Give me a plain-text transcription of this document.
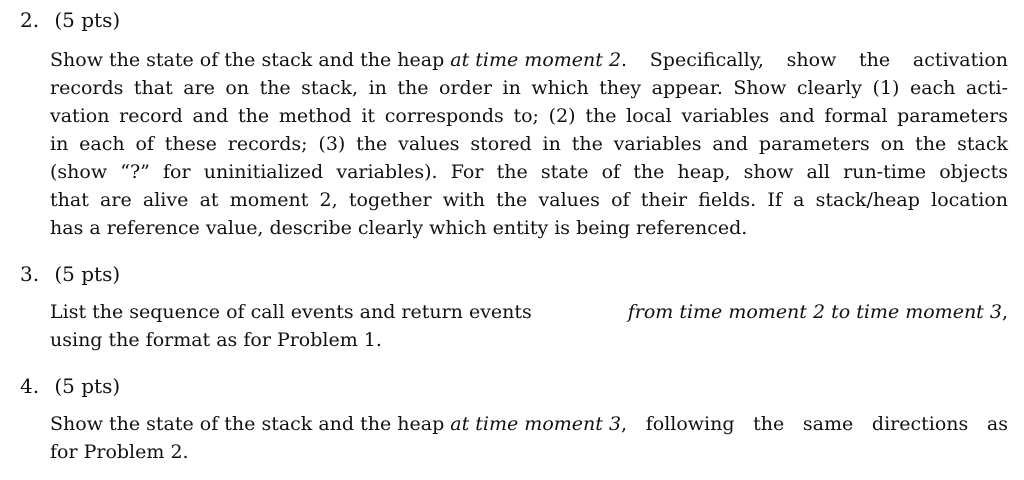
2. (5 pts)
Show the state of the stack and the heap at time moment 2 . Specifically, show the activation
records that are on the stack, in the order in which they appear. Show clearly (1) each acti-
vation record and the method it corresponds to; (2) the local variables and formal parameters
in each of these records; (3) the values stored in the variables and parameters on the stack
(show “?” for uninitialized variables). For the state of the heap, show all run-time objects
that are alive at moment 2, together with the values of their fields. If a stack/heap location
has a reference value, describe clearly which entity is being referenced.
3. (5 pts)
List the sequence of call events and return events	from time moment 2 to time moment 3,
using the format as for Problem 1.
4. (5 pts)
Show the state of the stack and the heap at time moment 3 , following the same directions as
for Problem 2.
